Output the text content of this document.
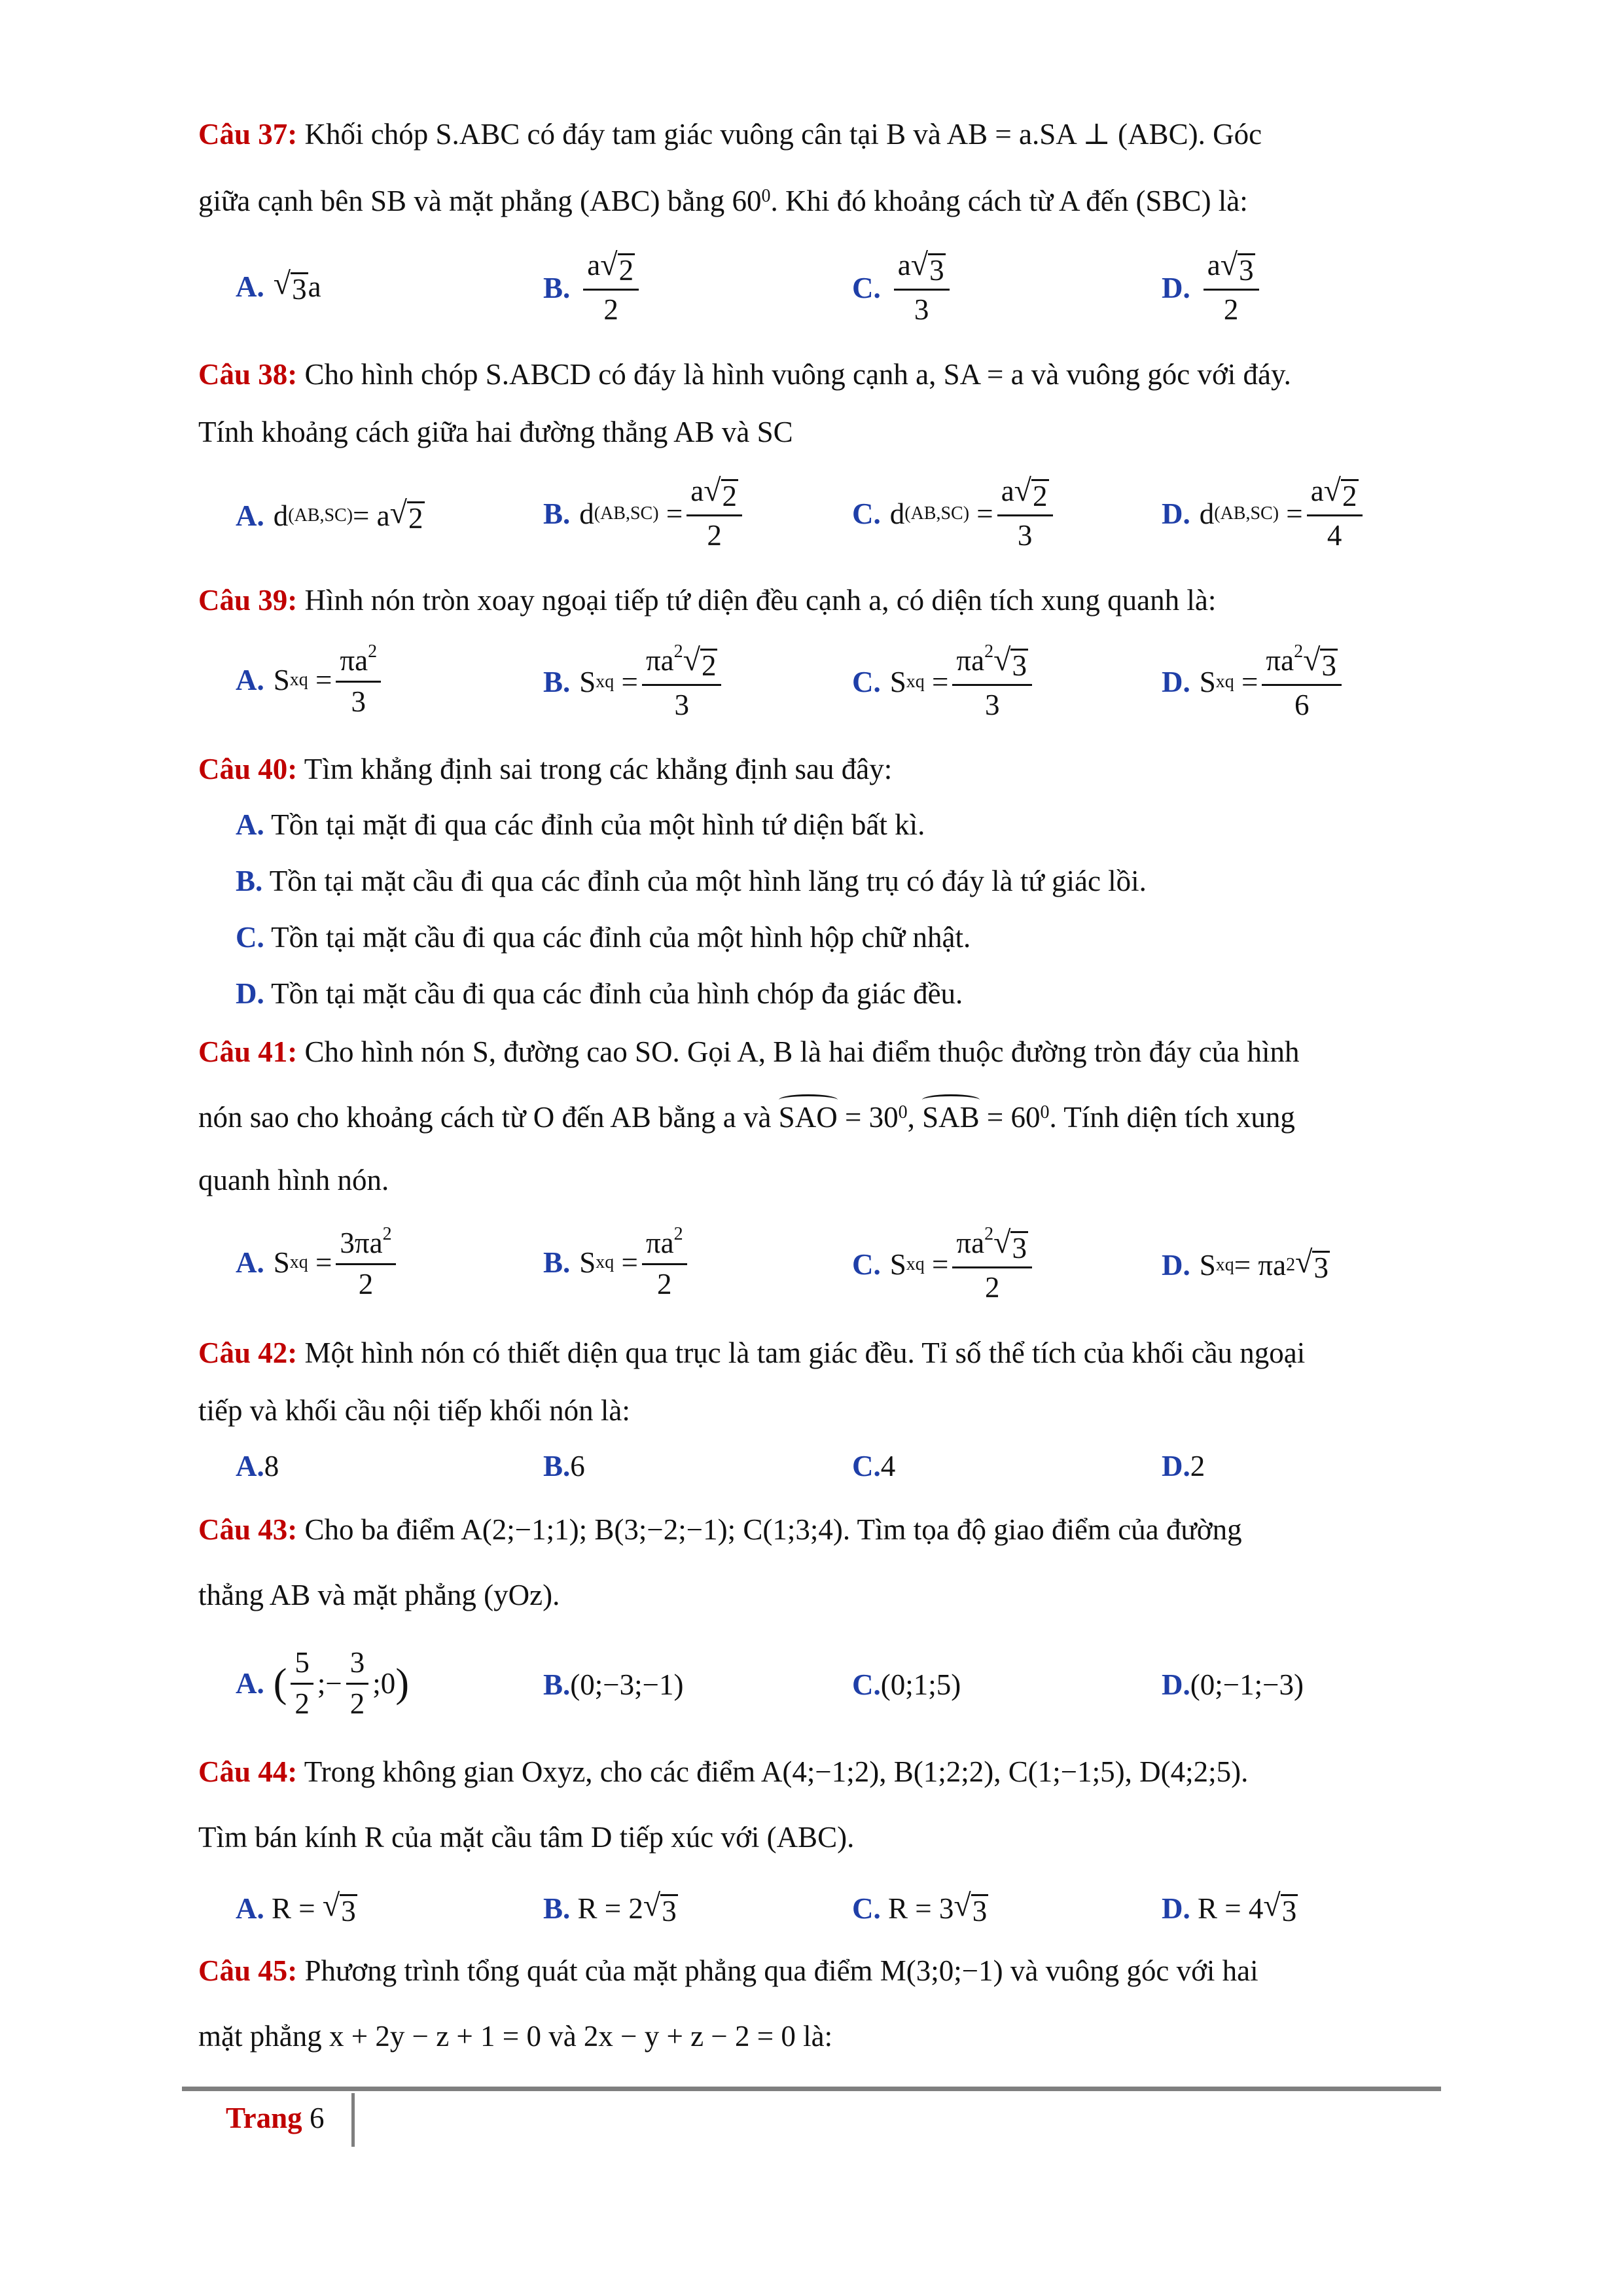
Câu 37: Khối chóp S.ABC có đáy tam giác vuông cân tại B và AB = a.SA ⊥ (ABC). Góc
giữa cạnh bên SB và mặt phẳng (ABC) bằng $60^0$. Khi đó khoảng cách từ A đến (SBC) là:
A. √ 3 a	B. $\frac{a √ 2}{2}$	C. $\frac{a √ 3}{3}$	D. $\frac{a √ 3}{2}$
Câu 38: Cho hình chóp S.ABCD có đáy là hình vuông cạnh a, SA = a và vuông góc với đáy.
Tính khoảng cách giữa hai đường thẳng AB và SC
A. d (AB,SC) = a √ 2	B. d $(AB,SC) = \frac{a √ 2}{2}$	C. d $(AB,SC) = \frac{a √ 2}{3}$	D. d $(AB,SC) = \frac{a √ 2}{4}$
Câu 39: Hình nón tròn xoay ngoại tiếp tứ diện đều cạnh a, có diện tích xung quanh là:
A. S xq = $\frac{\pi a^2}{3}$	B. S xq = $\frac{\pi a^2 √ 2}{3}$	C. S xq = $\frac{\pi a^2 √ 3}{3}$	D. S xq = $\frac{\pi a^2 √ 3}{6}$
Câu 40: Tìm khẳng định sai trong các khẳng định sau đây:
A. Tồn tại mặt đi qua các đỉnh của một hình tứ diện bất kì.
B. Tồn tại mặt cầu đi qua các đỉnh của một hình lăng trụ có đáy là tứ giác lồi.
C. Tồn tại mặt cầu đi qua các đỉnh của một hình hộp chữ nhật.
D. Tồn tại mặt cầu đi qua các đỉnh của hình chóp đa giác đều.
Câu 41: Cho hình nón S, đường cao SO. Gọi A, B là hai điểm thuộc đường tròn đáy của hình
nón sao cho khoảng cách từ O đến AB bằng a và SAO = $30^0$, SAB = $60^0$. Tính diện tích xung
quanh hình nón.
A. S xq = $\frac{3\pi a^2}{2}$	B. S xq = $\frac{\pi a^2}{2}$	C. S xq = $\frac{\pi a^2 √ 3}{2}$	D. S xq = πa 2 √ 3
Câu 42: Một hình nón có thiết diện qua trục là tam giác đều. Tỉ số thể tích của khối cầu ngoại
tiếp và khối cầu nội tiếp khối nón là:
A. 8	B. 6	C. 4	D. 2
Câu 43: Cho ba điểm A(2;−1;1); B(3;−2;−1); C(1;3;4). Tìm tọa độ giao điểm của đường
thẳng AB và mặt phẳng (yOz).
A. ( $\frac{5}{2}$ ;− $\frac{3}{2}$ ;0 )	B. (0;−3;−1)	C. (0;1;5)	D. (0;−1;−3)
Câu 44: Trong không gian Oxyz, cho các điểm A(4;−1;2), B(1;2;2), C(1;−1;5), D(4;2;5).
Tìm bán kính R của mặt cầu tâm D tiếp xúc với (ABC).
A. R = √ 3	B. R = 2 √ 3	C. R = 3 √ 3	D. R = 4 √ 3
Câu 45: Phương trình tổng quát của mặt phẳng qua điểm M(3;0;−1) và vuông góc với hai
mặt phẳng x + 2y − z + 1 = 0 và 2x − y + z − 2 = 0 là:
Trang 6
